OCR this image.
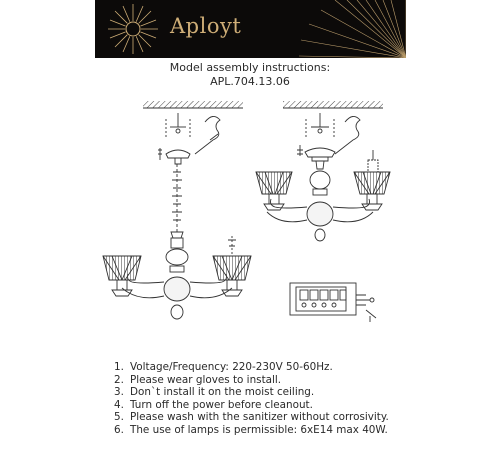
Aployt
Model assembly instructions:
APL.704.13.06
1. Voltage/Frequency: 220-230V 50-60Hz.
2. Please wear gloves to install.
3. Don`t install it on the moist ceiling.
4. Turn off the power before cleanout.
5. Please wash with the sanitizer without corrosivity.
6. The use of lamps is permissible: 6xE14 max 40W.
